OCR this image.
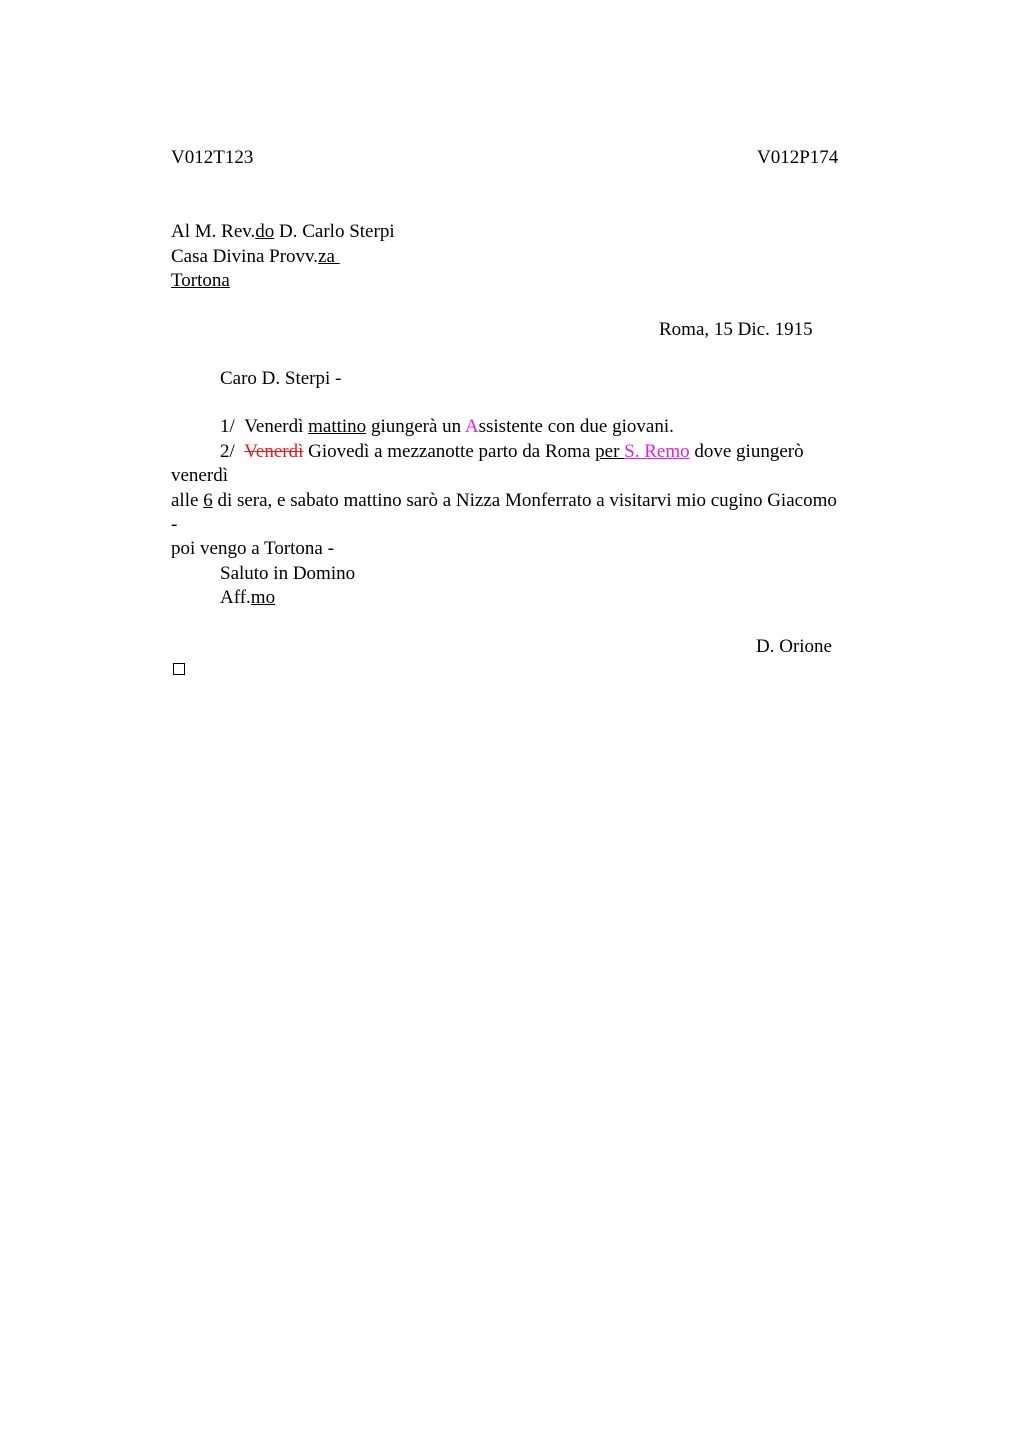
V012T123	V012P174
Al M. Rev.do D. Carlo Sterpi
Casa Divina Provv.za
Tortona
Roma, 15 Dic. 1915
Caro D. Sterpi -
1/ Venerdì mattino giungerà un Assistente con due giovani.
2/ Venerdì Giovedì a mezzanotte parto da Roma per S. Remo dove giungerò
venerdì
alle 6 di sera, e sabato mattino sarò a Nizza Monferrato a visitarvi mio cugino Giacomo
-
poi vengo a Tortona -
Saluto in Domino
Aff.mo
D. Orione
